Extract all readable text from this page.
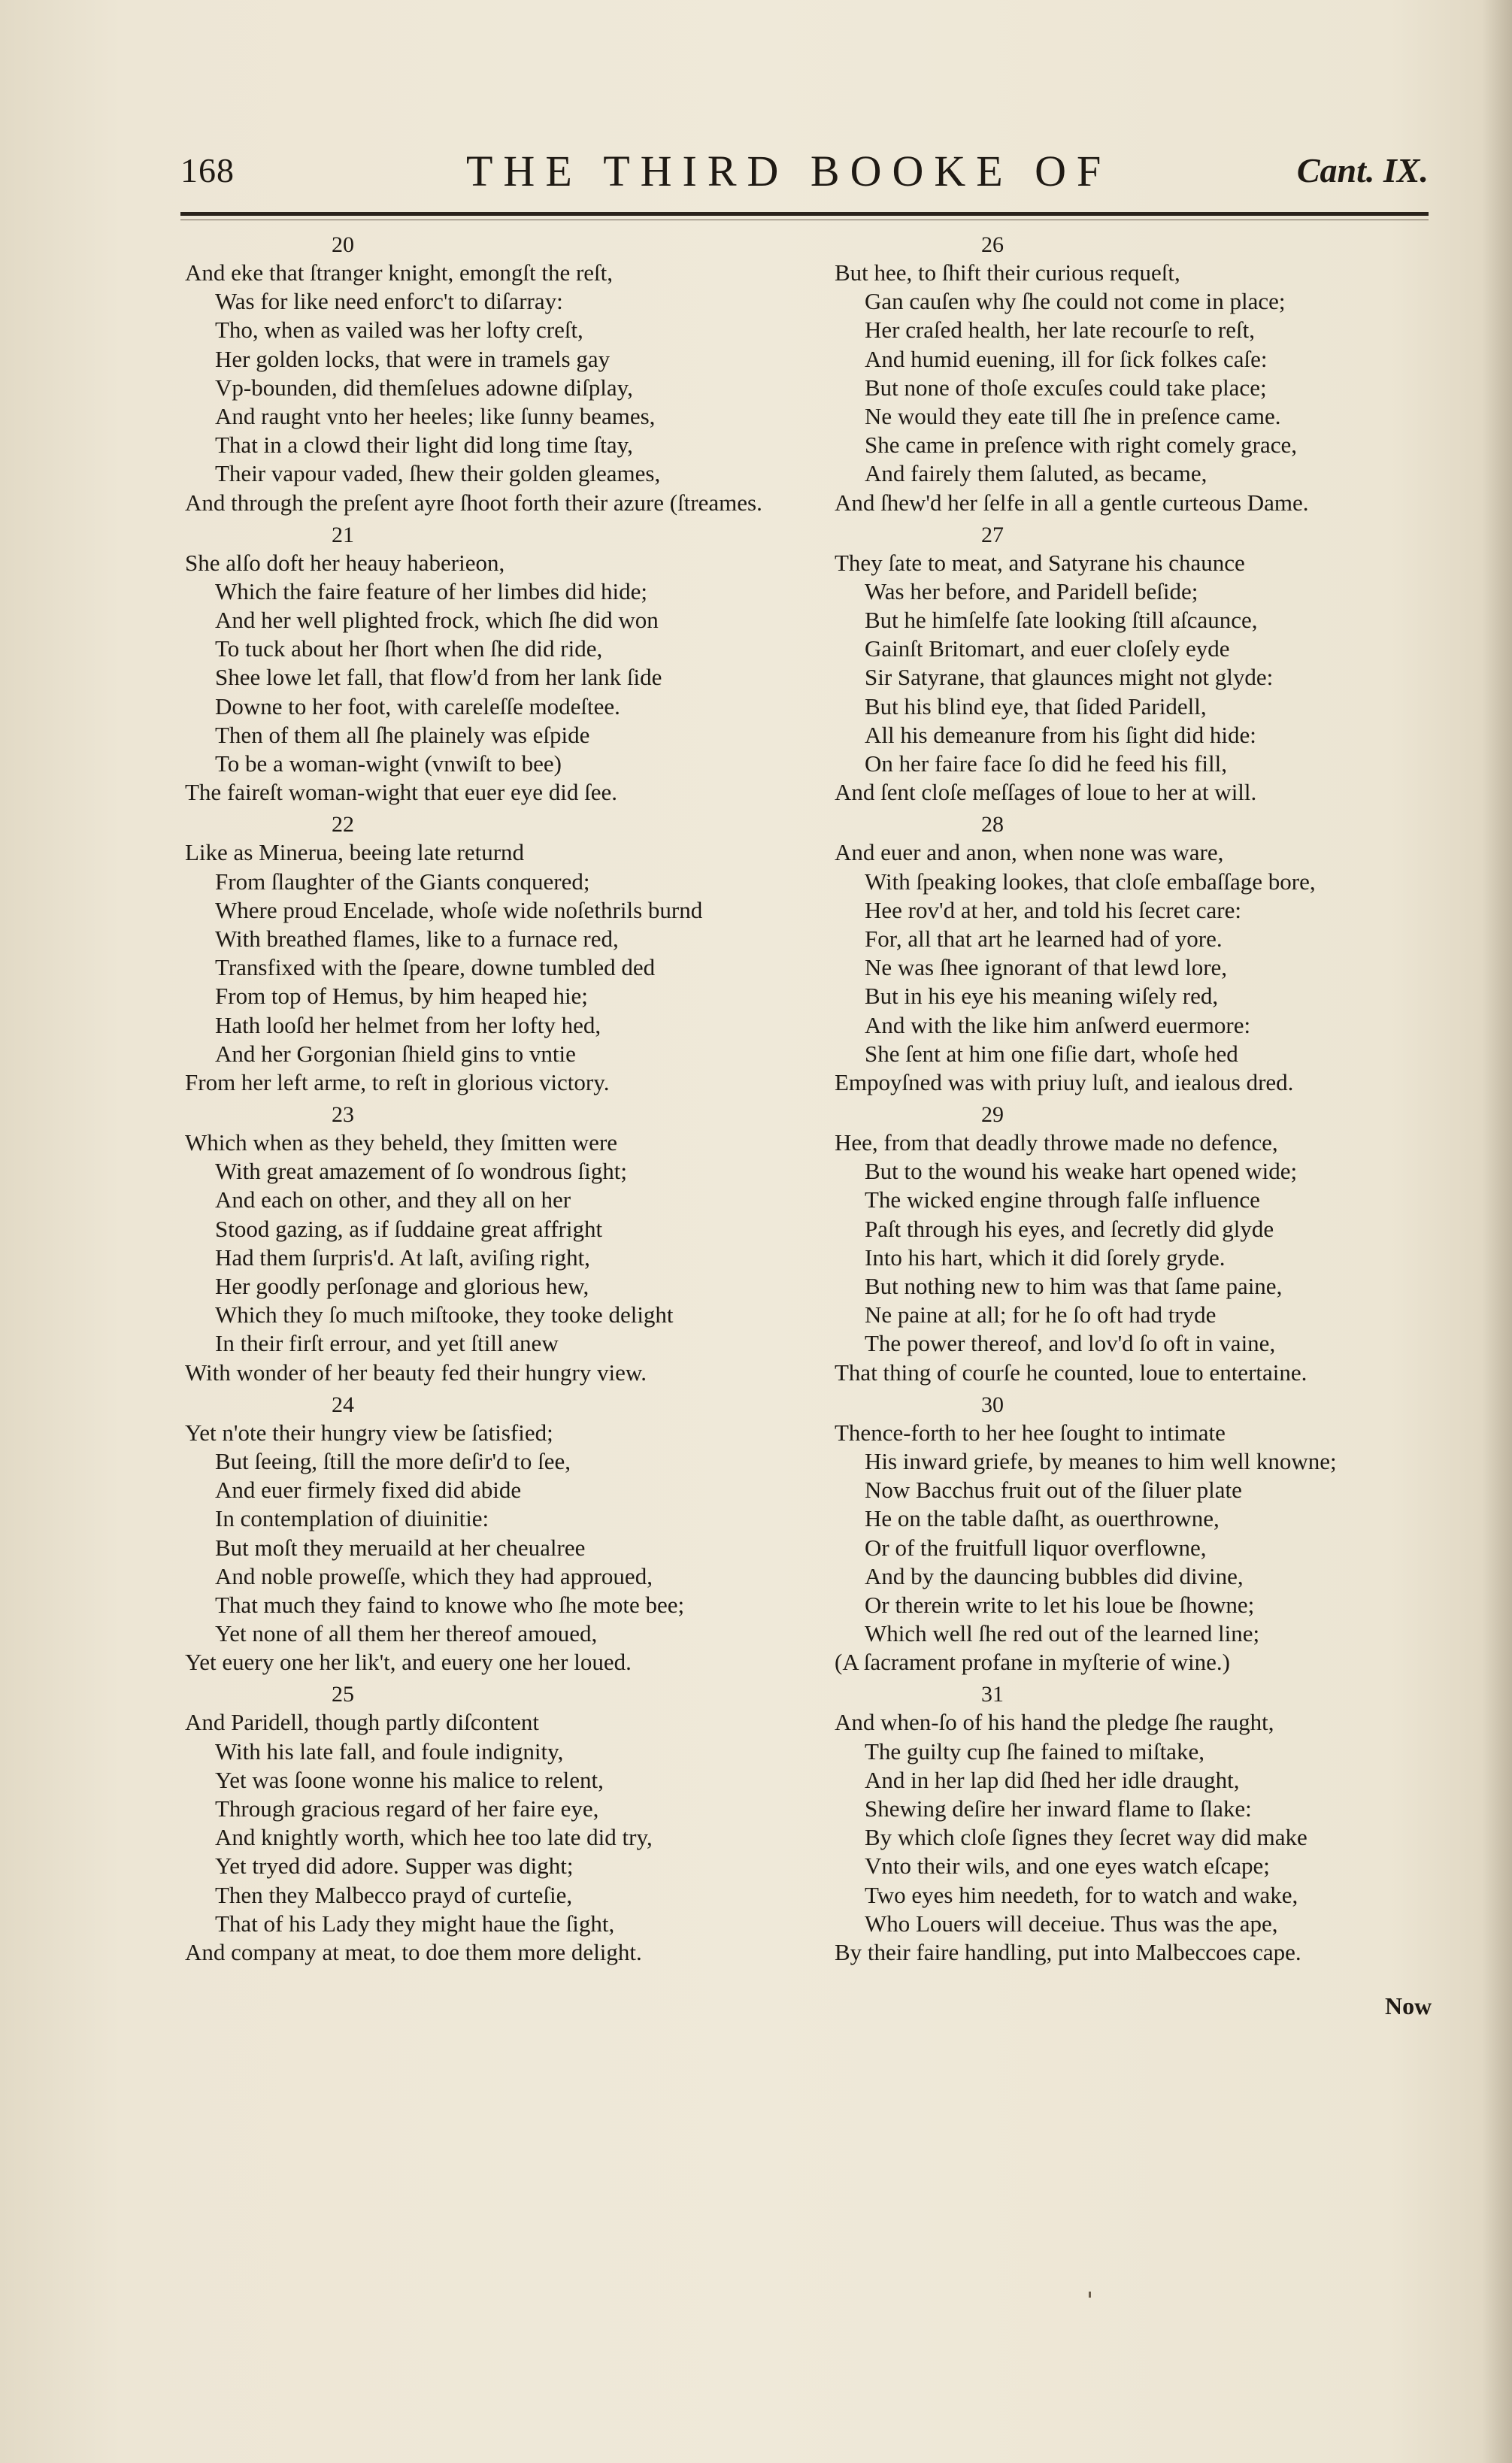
168	THE THIRD BOOKE OF	Cant. IX.
20
And eke that ſtranger knight, emongſt the reſt,
Was for like need enforc't to diſarray:
Tho, when as vailed was her lofty creſt,
Her golden locks, that were in tramels gay
Vp-bounden, did themſelues adowne diſplay,
And raught vnto her heeles; like ſunny beames,
That in a clowd their light did long time ſtay,
Their vapour vaded, ſhew their golden gleames,
And through the preſent ayre ſhoot forth their azure (ſtreames.
21
She alſo doft her heauy haberieon,
Which the faire feature of her limbes did hide;
And her well plighted frock, which ſhe did won
To tuck about her ſhort when ſhe did ride,
Shee lowe let fall, that flow'd from her lank ſide
Downe to her foot, with careleſſe modeſtee.
Then of them all ſhe plainely was eſpide
To be a woman-wight (vnwiſt to bee)
The faireſt woman-wight that euer eye did ſee.
22
Like as Minerua, beeing late returnd
From ſlaughter of the Giants conquered;
Where proud Encelade, whoſe wide noſethrils burnd
With breathed flames, like to a furnace red,
Transfixed with the ſpeare, downe tumbled ded
From top of Hemus, by him heaped hie;
Hath looſd her helmet from her lofty hed,
And her Gorgonian ſhield gins to vntie
From her left arme, to reſt in glorious victory.
23
Which when as they beheld, they ſmitten were
With great amazement of ſo wondrous ſight;
And each on other, and they all on her
Stood gazing, as if ſuddaine great affright
Had them ſurpris'd. At laſt, aviſing right,
Her goodly perſonage and glorious hew,
Which they ſo much miſtooke, they tooke delight
In their firſt errour, and yet ſtill anew
With wonder of her beauty fed their hungry view.
24
Yet n'ote their hungry view be ſatisfied;
But ſeeing, ſtill the more deſir'd to ſee,
And euer firmely fixed did abide
In contemplation of diuinitie:
But moſt they meruaild at her cheualree
And noble proweſſe, which they had approued,
That much they faind to knowe who ſhe mote bee;
Yet none of all them her thereof amoued,
Yet euery one her lik't, and euery one her loued.
25
And Paridell, though partly diſcontent
With his late fall, and foule indignity,
Yet was ſoone wonne his malice to relent,
Through gracious regard of her faire eye,
And knightly worth, which hee too late did try,
Yet tryed did adore. Supper was dight;
Then they Malbecco prayd of curteſie,
That of his Lady they might haue the ſight,
And company at meat, to doe them more delight.
26
But hee, to ſhift their curious requeſt,
Gan cauſen why ſhe could not come in place;
Her craſed health, her late recourſe to reſt,
And humid euening, ill for ſick folkes caſe:
But none of thoſe excuſes could take place;
Ne would they eate till ſhe in preſence came.
She came in preſence with right comely grace,
And fairely them ſaluted, as became,
And ſhew'd her ſelfe in all a gentle curteous Dame.
27
They ſate to meat, and Satyrane his chaunce
Was her before, and Paridell beſide;
But he himſelfe ſate looking ſtill aſcaunce,
Gainſt Britomart, and euer cloſely eyde
Sir Satyrane, that glaunces might not glyde:
But his blind eye, that ſided Paridell,
All his demeanure from his ſight did hide:
On her faire face ſo did he feed his fill,
And ſent cloſe meſſages of loue to her at will.
28
And euer and anon, when none was ware,
With ſpeaking lookes, that cloſe embaſſage bore,
Hee rov'd at her, and told his ſecret care:
For, all that art he learned had of yore.
Ne was ſhee ignorant of that lewd lore,
But in his eye his meaning wiſely red,
And with the like him anſwerd euermore:
She ſent at him one fiſie dart, whoſe hed
Empoyſned was with priuy luſt, and iealous dred.
29
Hee, from that deadly throwe made no defence,
But to the wound his weake hart opened wide;
The wicked engine through falſe influence
Paſt through his eyes, and ſecretly did glyde
Into his hart, which it did ſorely gryde.
But nothing new to him was that ſame paine,
Ne paine at all; for he ſo oft had tryde
The power thereof, and lov'd ſo oft in vaine,
That thing of courſe he counted, loue to entertaine.
30
Thence-forth to her hee ſought to intimate
His inward griefe, by meanes to him well knowne;
Now Bacchus fruit out of the ſiluer plate
He on the table daſht, as ouerthrowne,
Or of the fruitfull liquor overflowne,
And by the dauncing bubbles did divine,
Or therein write to let his loue be ſhowne;
Which well ſhe red out of the learned line;
(A ſacrament profane in myſterie of wine.)
31
And when-ſo of his hand the pledge ſhe raught,
The guilty cup ſhe fained to miſtake,
And in her lap did ſhed her idle draught,
Shewing deſire her inward flame to ſlake:
By which cloſe ſignes they ſecret way did make
Vnto their wils, and one eyes watch eſcape;
Two eyes him needeth, for to watch and wake,
Who Louers will deceiue. Thus was the ape,
By their faire handling, put into Malbeccoes cape.
Now
